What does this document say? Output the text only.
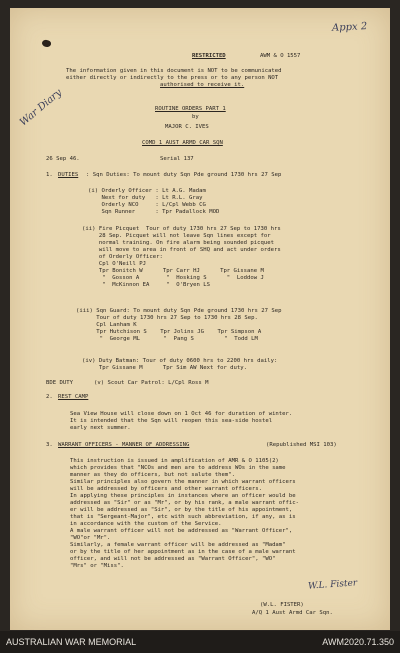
Appx 2
War Diary
RESTRICTED	AWM & O 1557
The information given in this document is NOT to be communicated
either directly or indirectly to the press or to any person NOT
authorised to receive it.
ROUTINE ORDERS PART 1
by
MAJOR C. IVES
COMD 1 AUST ARMD CAR SQN
26 Sep 46.	Serial 137
1. DUTIES : Sqn Duties: To mount duty Sqn Pde ground 1730 hrs 27 Sep
(i) Orderly Officer : Lt A.G. Madam
Next for duty   : Lt R.L. Gray
Orderly NCO     : L/Cpl Webb CG
Sqn Runner      : Tpr Padallock MOD
(ii) Fire Picquet  Tour of duty 1730 hrs 27 Sep to 1730 hrs
28 Sep. Picquet will not leave Sqn lines except for
normal training. On fire alarm being sounded picquet
will move to area in front of SHQ and act under orders
of Orderly Officer:
Cpl O'Neill PJ
Tpr Bonitch W      Tpr Carr HJ      Tpr Gissane M
"  Gosson A        "  Hosking S      "  Loddow J
"  McKinnon EA     "  O'Bryen LS
(iii) Sqn Guard: To mount duty Sqn Pde ground 1730 hrs 27 Sep
Tour of duty 1730 hrs 27 Sep to 1730 hrs 28 Sep.
Cpl Lanham K
Tpr Hutchison S    Tpr Jolins JG    Tpr Simpson A
"  George ML       "  Pang S         "  Todd LM
(iv) Duty Batman: Tour of duty 0600 hrs to 2200 hrs daily:
Tpr Gissane M      Tpr Sim AW Next for duty.
BDE DUTY	(v) Scout Car Patrol: L/Cpl Ross M
2. REST CAMP
Sea View House will close down on 1 Oct 46 for duration of winter.
It is intended that the Sqn will reopen this sea-side hostel
early next summer.
3. WARRANT OFFICERS - MANNER OF ADDRESSING	(Republished MSI 103)
This instruction is issued in amplification of AMR & O 1105(2)
which provides that "NCOs and men are to address WOs in the same
manner as they do officers, but not salute them".
Similar principles also govern the manner in which warrant officers
will be addressed by officers and other warrant officers.
In applying these principles in instances where an officer would be
addressed as "Sir" or as "Mr", or by his rank, a male warrant offic-
er will be addressed as "Sir", or by the title of his appointment,
that is "Sergeant-Major", etc with such abbreviation, if any, as is
in accordance with the custom of the Service.
A male warrant officer will not be addressed as "Warrant Officer",
"WO"or "Mr".
Similarly, a female warrant officer will be addressed as "Madam"
or by the title of her appointment as in the case of a male warrant
officer, and will not be addressed as "Warrant Officer", "WO"
"Mrs" or "Miss".
W.L. Fister
(W.L. FISTER)
A/Q 1 Aust Armd Car Sqn.
AUSTRALIAN WAR MEMORIAL	AWM2020.71.350
